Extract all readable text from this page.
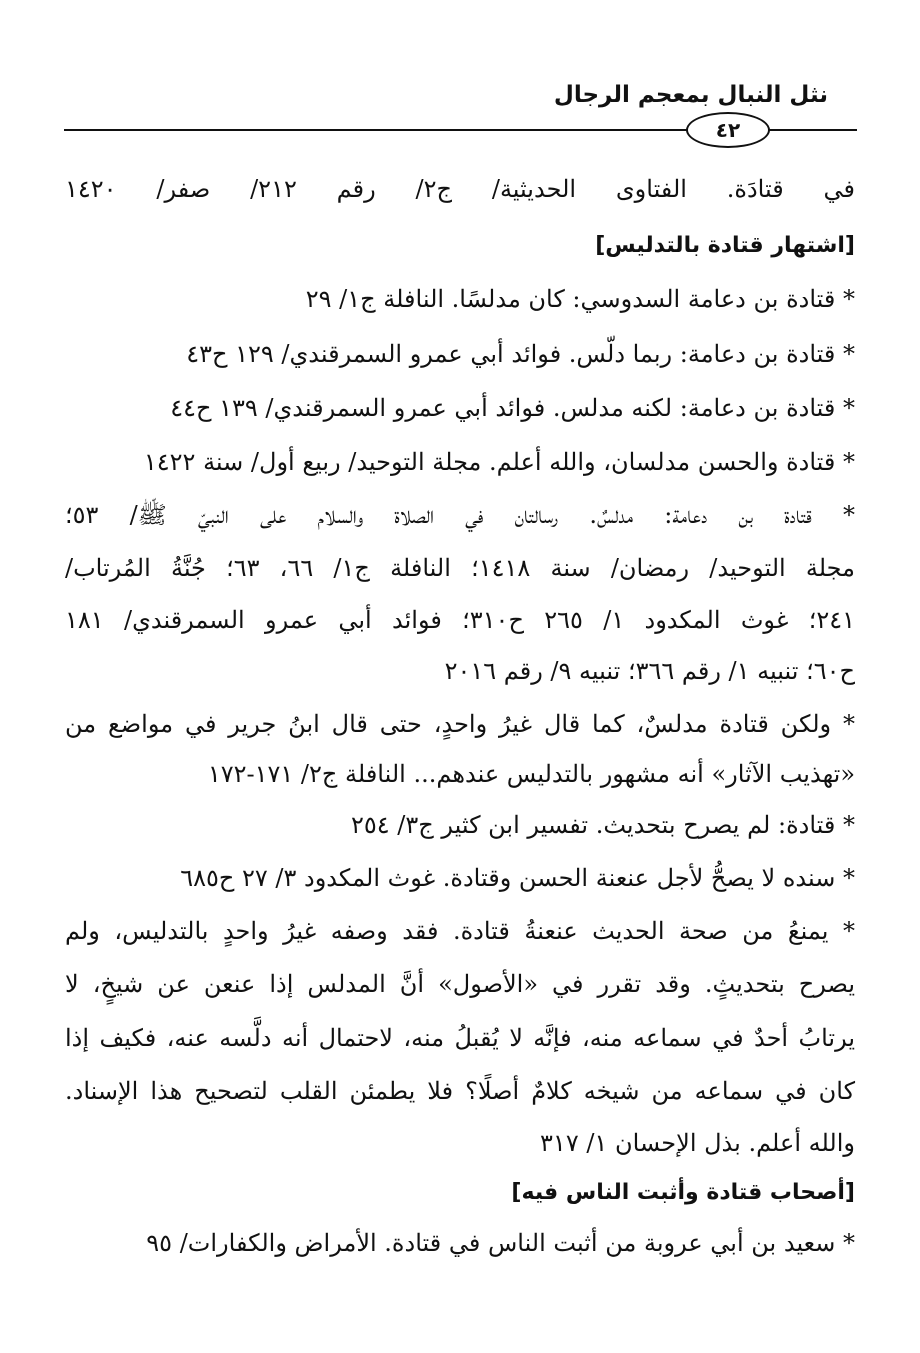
نثل النبال بمعجم الرجال
٤٢
في قتادَة. الفتاوى الحديثية/ ج٢/ رقم ٢١٢/ صفر/ ١٤٢٠
[اشتهار قتادة بالتدليس]
* قتادة بن دعامة السدوسي: كان مدلسًا. النافلة ج١/ ٢٩
* قتادة بن دعامة: ربما دلّس. فوائد أبي عمرو السمرقندي/ ١٢٩ ح٤٣
* قتادة بن دعامة: لكنه مدلس. فوائد أبي عمرو السمرقندي/ ١٣٩ ح٤٤
* قتادة والحسن مدلسان، والله أعلم. مجلة التوحيد/ ربيع أول/ سنة ١٤٢٢
* قتادة بن دعامة: مدلسٌ. رسالتان في الصلاة والسلام على النبيّ ﷺ/ ٥٣؛
مجلة التوحيد/ رمضان/ سنة ١٤١٨؛ النافلة ج١/ ٦٦، ٦٣؛ جُنَّةُ المُرتاب/
٢٤١؛ غوث المكدود ١/ ٢٦٥ ح٣١٠؛ فوائد أبي عمرو السمرقندي/ ١٨١
ح٦٠؛ تنبيه ١/ رقم ٣٦٦؛ تنبيه ٩/ رقم ٢٠١٦
* ولكن قتادة مدلسٌ، كما قال غيرُ واحدٍ، حتى قال ابنُ جرير في مواضع من
«تهذيب الآثار» أنه مشهور بالتدليس عندهم... النافلة ج٢/ ١٧١-١٧٢
* قتادة: لم يصرح بتحديث. تفسير ابن كثير ج٣/ ٢٥٤
* سنده لا يصحُّ لأجل عنعنة الحسن وقتادة. غوث المكدود ٣/ ٢٧ ح٦٨٥
* يمنعُ من صحة الحديث عنعنةُ قتادة. فقد وصفه غيرُ واحدٍ بالتدليس، ولم
يصرح بتحديثٍ. وقد تقرر في «الأصول» أنَّ المدلس إذا عنعن عن شيخٍ، لا
يرتابُ أحدٌ في سماعه منه، فإنَّه لا يُقبلُ منه، لاحتمال أنه دلَّسه عنه، فكيف إذا
كان في سماعه من شيخه كلامٌ أصلًا؟ فلا يطمئن القلب لتصحيح هذا الإسناد.
والله أعلم. بذل الإحسان ١/ ٣١٧
[أصحاب قتادة وأثبت الناس فيه]
* سعيد بن أبي عروبة من أثبت الناس في قتادة. الأمراض والكفارات/ ٩٥
